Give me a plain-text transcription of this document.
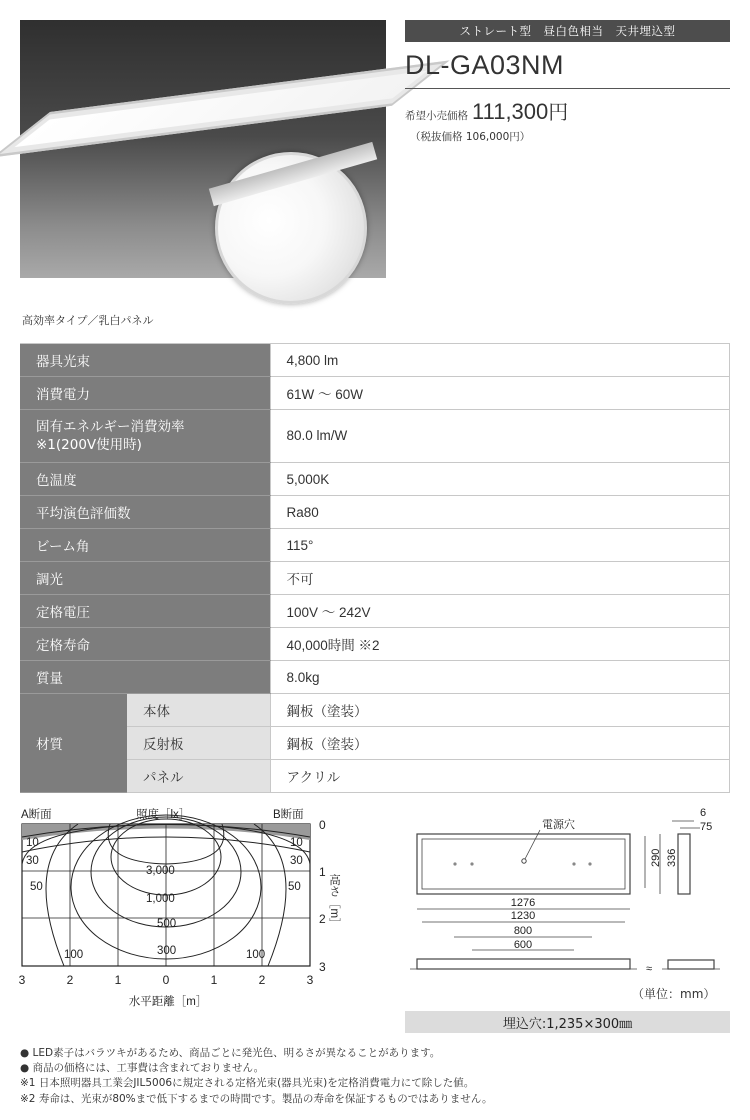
高効率タイプ／乳白パネル
ストレート型　昼白色相当　天井埋込型
DL-GA03NM
希望小売価格 111,300 円
（税抜価格 106,000円）
器具光束		4,800 lm
消費電力		61W ～ 60W

固有エネルギー消費効率
※1(200V使用時)		80.0 lm/W
色温度		5,000K
平均演色評価数		Ra80
ビーム角		115°
調光		不可
定格電圧		100V ～ 242V
定格寿命		40,000時間 ※2
質量		8.0kg
材質	本体	鋼板（塗装）
	反射板	鋼板（塗装）
	パネル	アクリル
A断面	照度［lx］	B断面
10
30
50
100
10
30
50
100
3,000
1,000
500
300
0
1
2
3
高さ［m］
3	2	1	0	1	2	3
水平距離［m］
電源穴
290 336
6
75
1276
1230
800
600
≈
（単位：mm）
埋込穴:1,235×300㎜
● LED素子はバラツキがあるため、商品ごとに発光色、明るさが異なることがあります。
● 商品の価格には、工事費は含まれておりません。
※1 日本照明器具工業会JIL5006に規定される定格光束(器具光束)を定格消費電力にて除した値。
※2 寿命は、光束が80%まで低下するまでの時間です。製品の寿命を保証するものではありません。
